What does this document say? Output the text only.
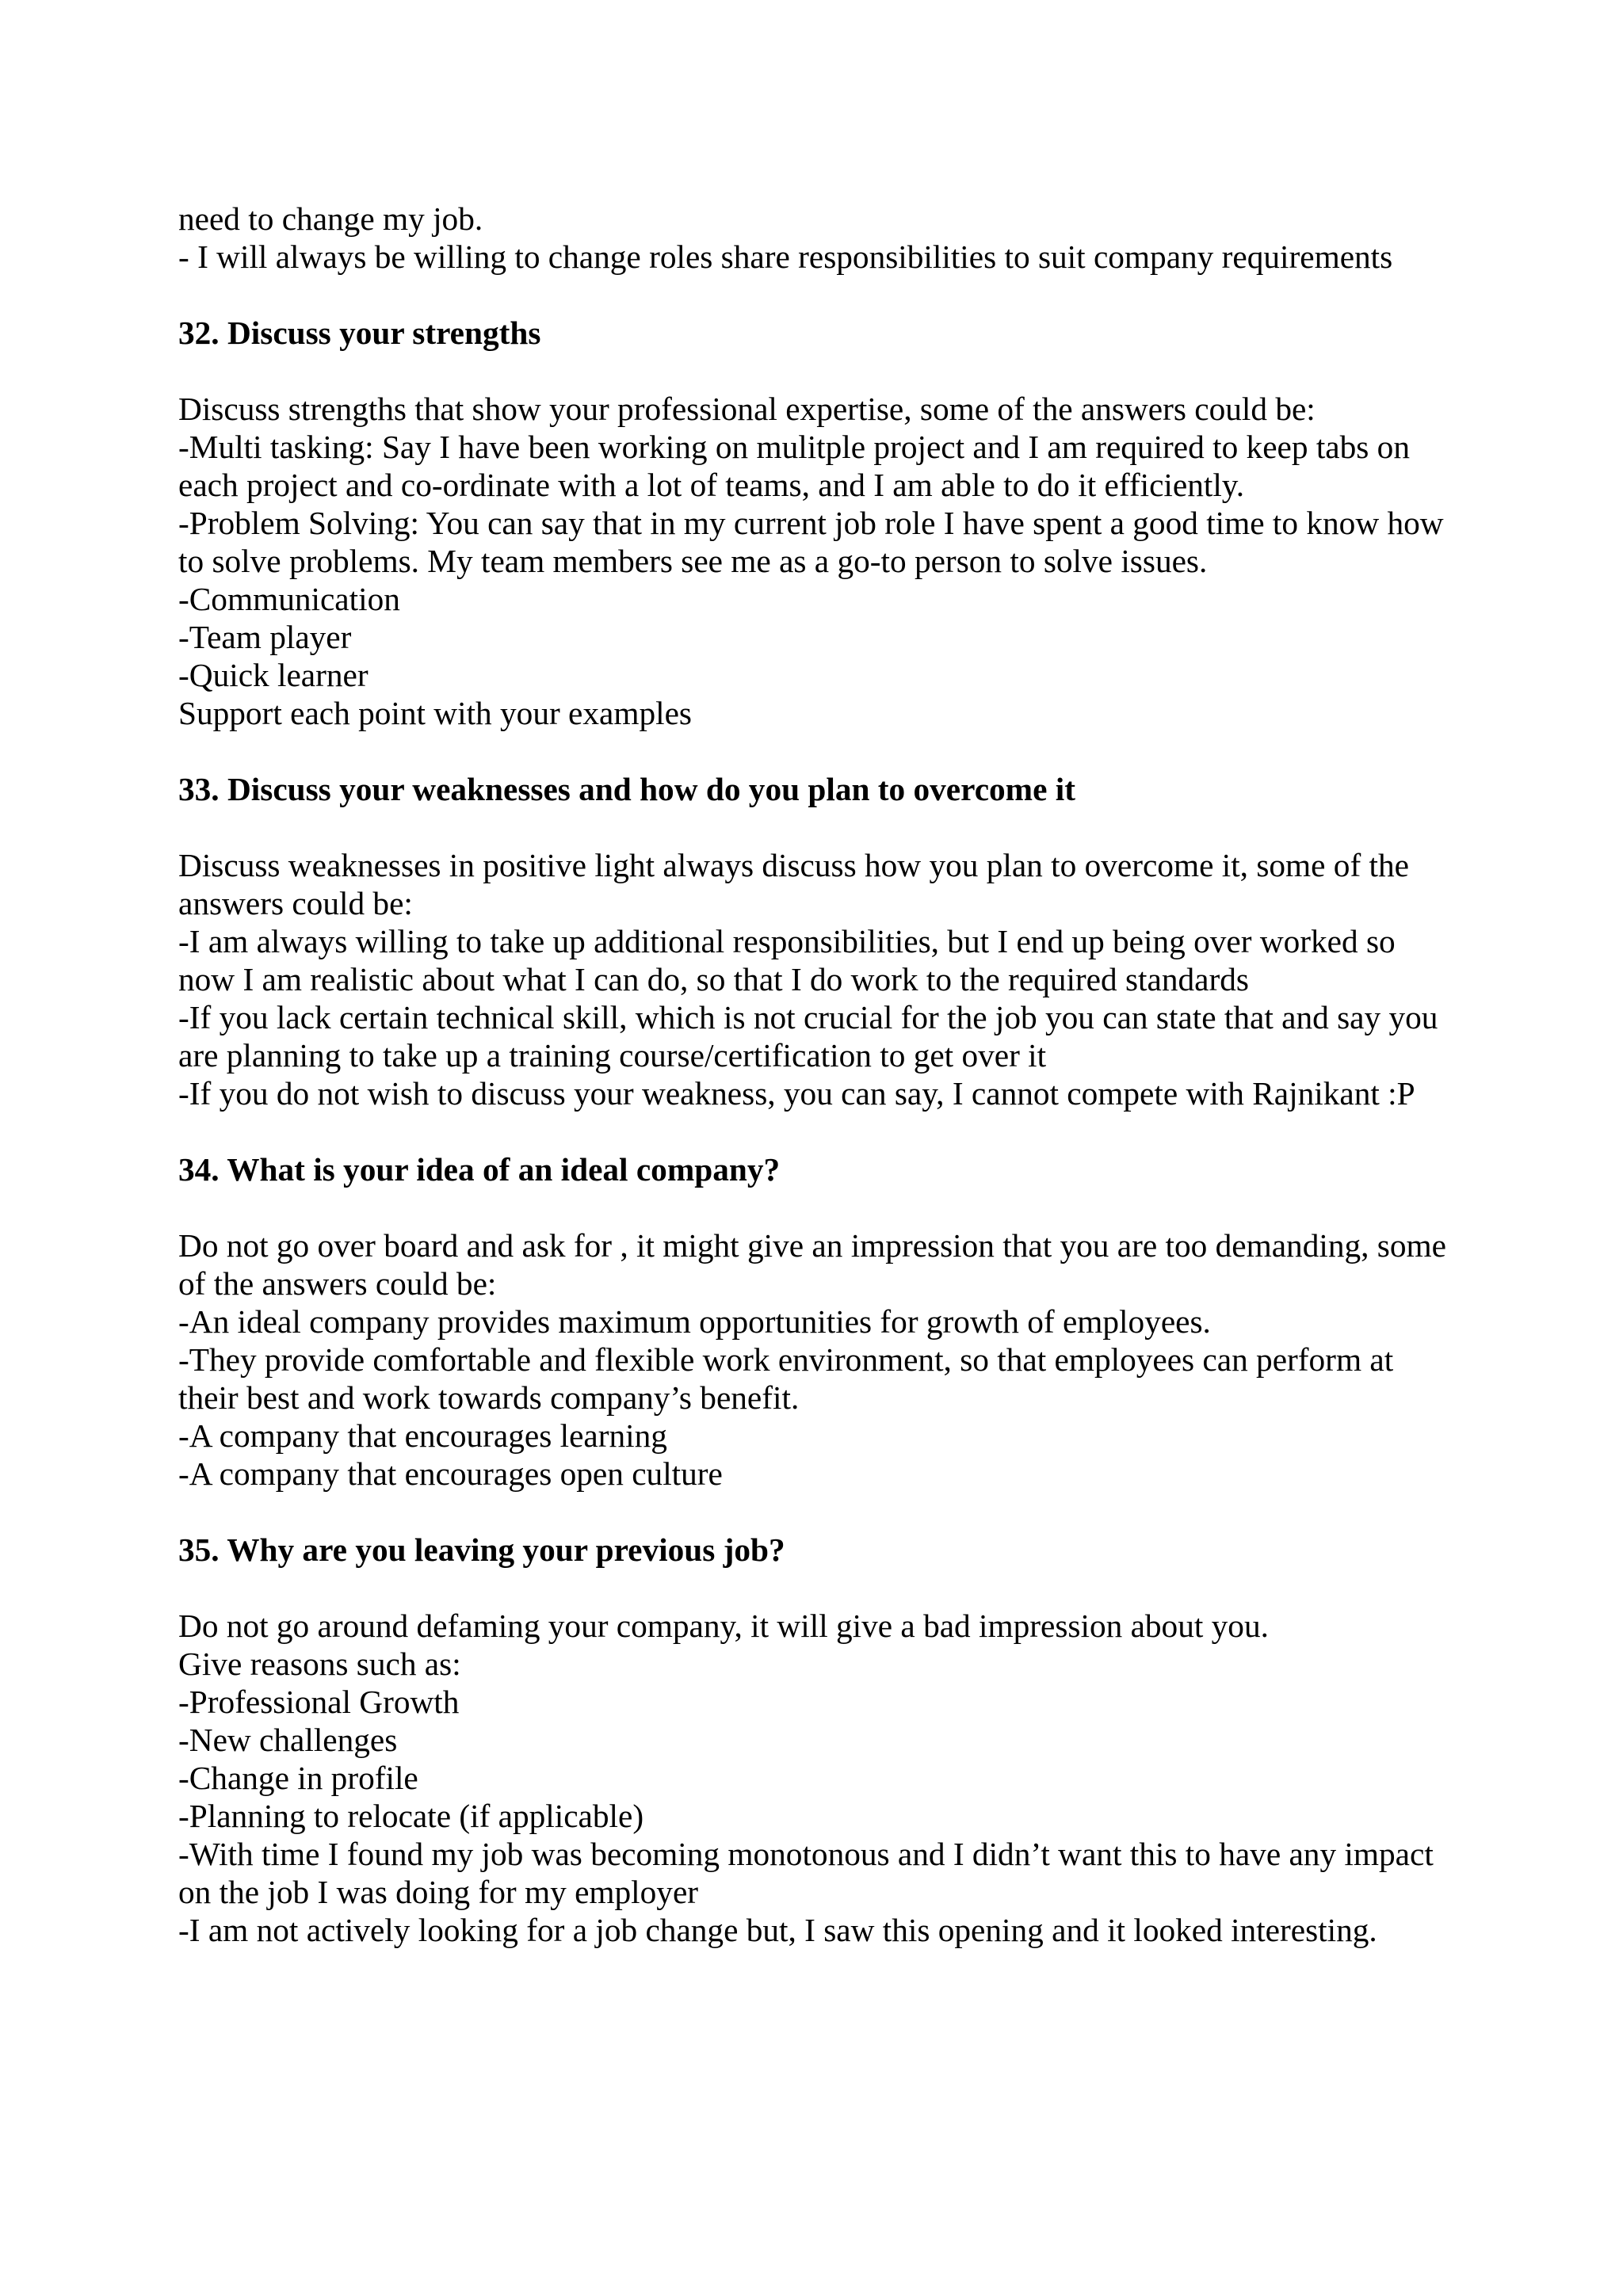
need to change my job.
- I will always be willing to change roles share responsibilities to suit company requirements
32. Discuss your strengths
Discuss strengths that show your professional expertise, some of the answers could be:
-Multi tasking: Say I have been working on mulitple project and I am required to keep tabs on
each project and co-ordinate with a lot of teams, and I am able to do it efficiently.
-Problem Solving: You can say that in my current job role I have spent a good time to know how
to solve problems. My team members see me as a go-to person to solve issues.
-Communication
-Team player
-Quick learner
Support each point with your examples
33. Discuss your weaknesses and how do you plan to overcome it
Discuss weaknesses in positive light always discuss how you plan to overcome it, some of the
answers could be:
-I am always willing to take up additional responsibilities, but I end up being over worked so
now I am realistic about what I can do, so that I do work to the required standards
-If you lack certain technical skill, which is not crucial for the job you can state that and say you
are planning to take up a training course/certification to get over it
-If you do not wish to discuss your weakness, you can say, I cannot compete with Rajnikant :P
34. What is your idea of an ideal company?
Do not go over board and ask for , it might give an impression that you are too demanding, some
of the answers could be:
-An ideal company provides maximum opportunities for growth of employees.
-They provide comfortable and flexible work environment, so that employees can perform at
their best and work towards company’s benefit.
-A company that encourages learning
-A company that encourages open culture
35. Why are you leaving your previous job?
Do not go around defaming your company, it will give a bad impression about you.
Give reasons such as:
-Professional Growth
-New challenges
-Change in profile
-Planning to relocate (if applicable)
-With time I found my job was becoming monotonous and I didn’t want this to have any impact
on the job I was doing for my employer
-I am not actively looking for a job change but, I saw this opening and it looked interesting.
